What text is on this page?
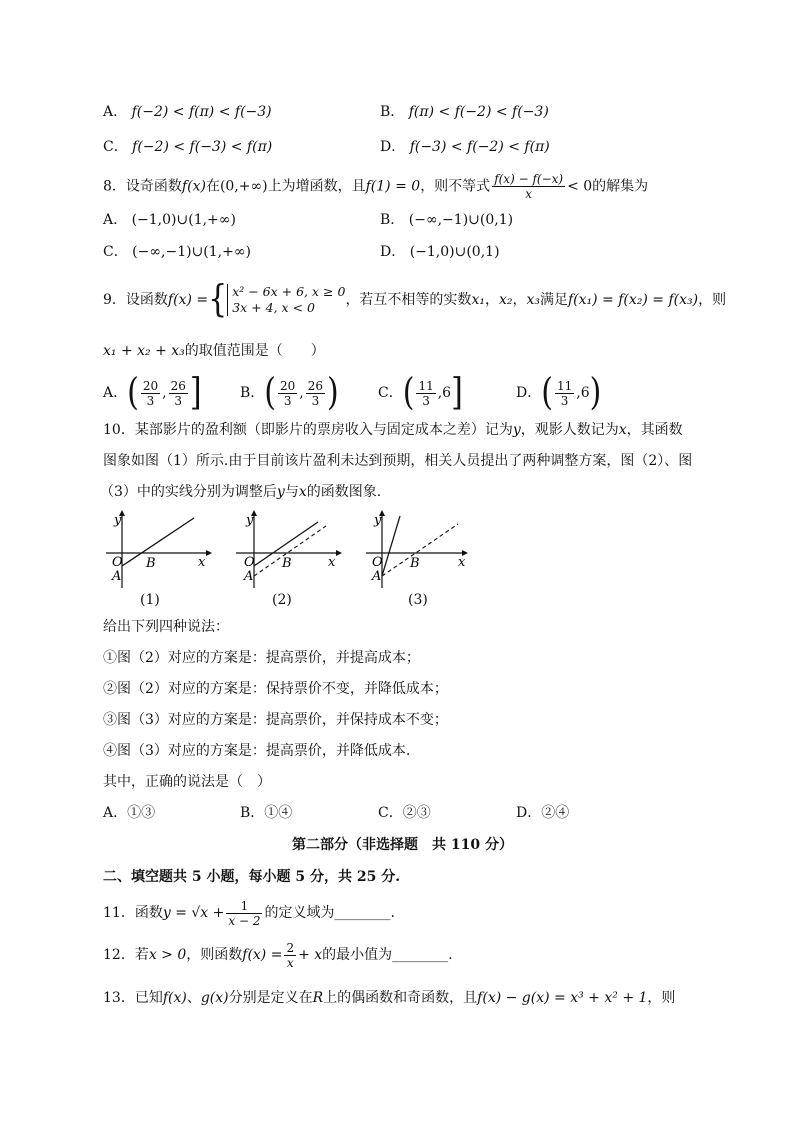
A． f(−2) < f(π) < f(−3)	B． f(π) < f(−2) < f(−3)
C． f(−2) < f(−3) < f(π)	D． f(−3) < f(−2) < f(π)
8．设奇函数f(x)在(0,+∞)上为增函数，且f(1) = 0，则不等式 $\frac{f(x) - f(-x)}{x} < 0$的解集为
A． (−1,0)∪(1,+∞)	B． (−∞,−1)∪(0,1)
C． (−∞,−1)∪(1,+∞)	D． (−1,0)∪(0,1)
9．设函数f(x) ={ x² − 6x + 6, x ≥ 0
3x + 4, x < 0	，若互不相等的实数x₁，x₂，x₃满足f(x₁) = f(x₂) = f(x₃)，则
x₁ + x₂ + x₃的取值范围是（　　）
A．( $\frac{20}{3}$ , $\frac{26}{3}$ ]	B．( $\frac{20}{3}$ , $\frac{26}{3}$ )	C．( $\frac{11}{3} ,6$]	D．( $\frac{11}{3} ,6$)
10．某部影片的盈利额（即影片的票房收入与固定成本之差）记为y，观影人数记为x，其函数
图象如图（1）所示.由于目前该片盈利未达到预期，相关人员提出了两种调整方案，图（2）、图
（3）中的实线分别为调整后y与x的函数图象.
y
x
O
A
B
(1)
y
x
O
A
B
(2)
y
x
O
A
B
(3)
给出下列四种说法：
①图（2）对应的方案是：提高票价，并提高成本；
②图（2）对应的方案是：保持票价不变，并降低成本；
③图（3）对应的方案是：提高票价，并保持成本不变；
④图（3）对应的方案是：提高票价，并降低成本.
其中，正确的说法是（　）
A．①③	B．①④	C．②③	D．②④
第二部分（非选择题　共 110 分）
二、填空题共 5 小题，每小题 5 分，共 25 分.
11．函数$y = √x + \frac{1}{x - 2}$ 的定义域为________.
12．若x > 0，则函数$f(x) = \frac{2}{x} + x$的最小值为________.
13．已知f(x)、g(x)分别是定义在R上的偶函数和奇函数，且f(x) − g(x) = x³ + x² + 1，则
